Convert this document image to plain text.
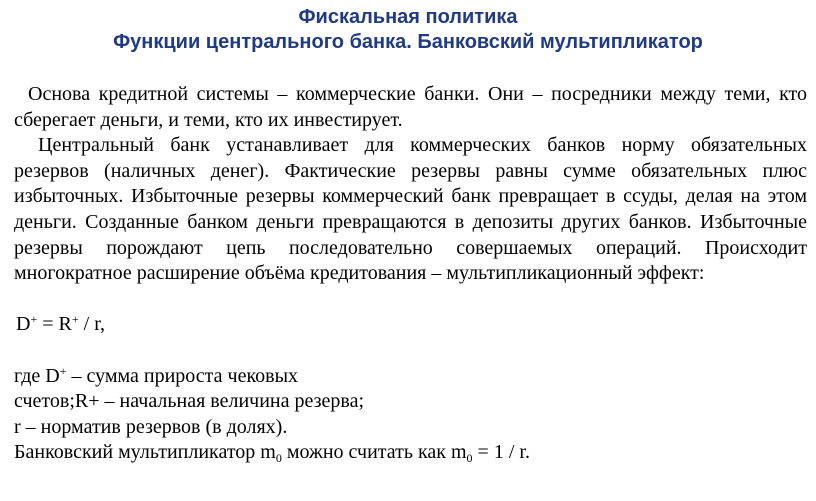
Фискальная политика
Функции центрального банка. Банковский мультипликатор

Основа кредитной системы – коммерческие банки. Они – посредники между теми, кто сберегает деньги, и теми, кто их инвестирует.

Центральный банк устанавливает для коммерческих банков норму обязательных резервов (наличных денег). Фактические резервы равны сумме обязательных плюс избыточных. Избыточные резервы коммерческий банк превращает в ссуды, делая на этом деньги. Созданные банком деньги превращаются в депозиты других банков. Избыточные резервы порождают цепь последовательно совершаемых операций. Происходит многократное расширение объёма кредитования – мультипликационный эффект:

D+ = R+ / r,

где D+ – сумма прироста чековых

счетов;R+ – начальная величина резерва;

r – норматив резервов (в долях).

Банковский мультипликатор $m_0$ можно считать как $m_0 = 1 / r$.
